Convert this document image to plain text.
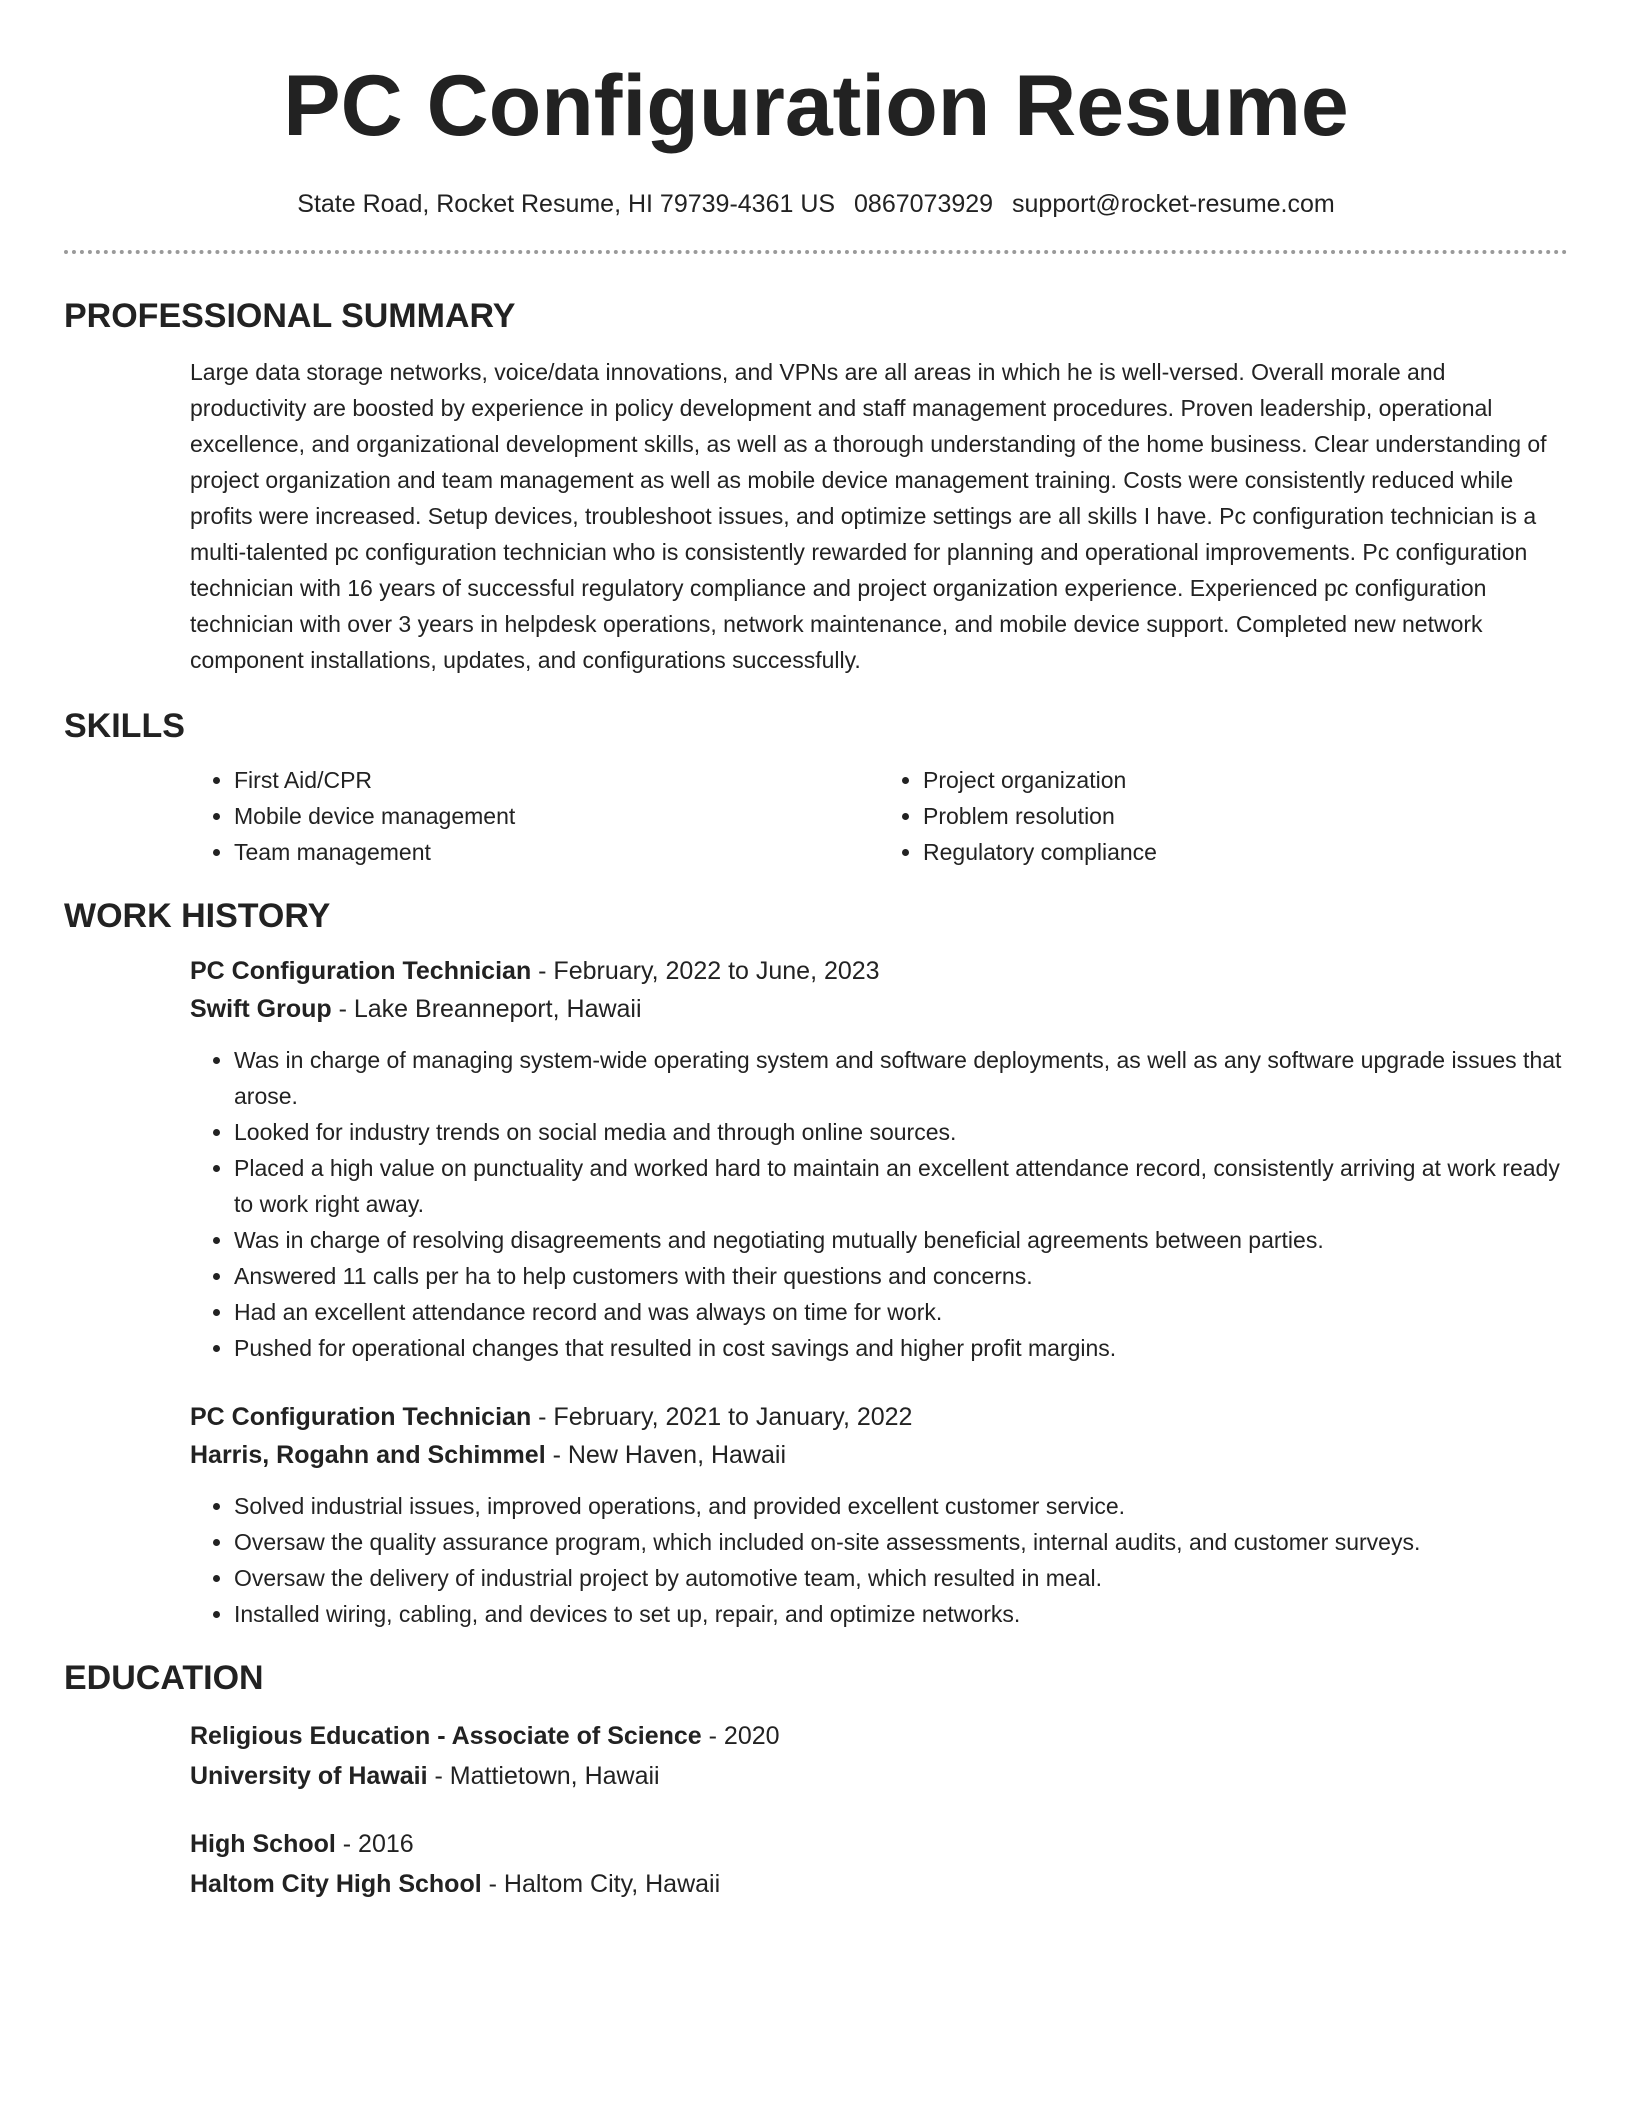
PC Configuration Resume
State Road, Rocket Resume, HI 79739-4361 US 0867073929 support@rocket-resume.com
PROFESSIONAL SUMMARY

Large data storage networks, voice/data innovations, and VPNs are all areas in which he is well-versed. Overall morale and productivity are boosted by experience in policy development and staff management procedures. Proven leadership, operational excellence, and organizational development skills, as well as a thorough understanding of the home business. Clear understanding of project organization and team management as well as mobile device management training. Costs were consistently reduced while profits were increased. Setup devices, troubleshoot issues, and optimize settings are all skills I have. Pc configuration technician is a multi-talented pc configuration technician who is consistently rewarded for planning and operational improvements. Pc configuration technician with 16 years of successful regulatory compliance and project organization experience. Experienced pc configuration technician with over 3 years in helpdesk operations, network maintenance, and mobile device support. Completed new network component installations, updates, and configurations successfully.

SKILLS
• First Aid/CPR
• Mobile device management
• Team management
• Project organization
• Problem resolution
• Regulatory compliance
WORK HISTORY
PC Configuration Technician - February, 2022 to June, 2023
Swift Group - Lake Breanneport, Hawaii
• Was in charge of managing system-wide operating system and software deployments, as well as any software upgrade issues that arose.
• Looked for industry trends on social media and through online sources.
• Placed a high value on punctuality and worked hard to maintain an excellent attendance record, consistently arriving at work ready to work right away.
• Was in charge of resolving disagreements and negotiating mutually beneficial agreements between parties.
• Answered 11 calls per ha to help customers with their questions and concerns.
• Had an excellent attendance record and was always on time for work.
• Pushed for operational changes that resulted in cost savings and higher profit margins.
PC Configuration Technician - February, 2021 to January, 2022
Harris, Rogahn and Schimmel - New Haven, Hawaii
• Solved industrial issues, improved operations, and provided excellent customer service.
• Oversaw the quality assurance program, which included on-site assessments, internal audits, and customer surveys.
• Oversaw the delivery of industrial project by automotive team, which resulted in meal.
• Installed wiring, cabling, and devices to set up, repair, and optimize networks.
EDUCATION
Religious Education - Associate of Science - 2020
University of Hawaii - Mattietown, Hawaii
High School - 2016
Haltom City High School - Haltom City, Hawaii
